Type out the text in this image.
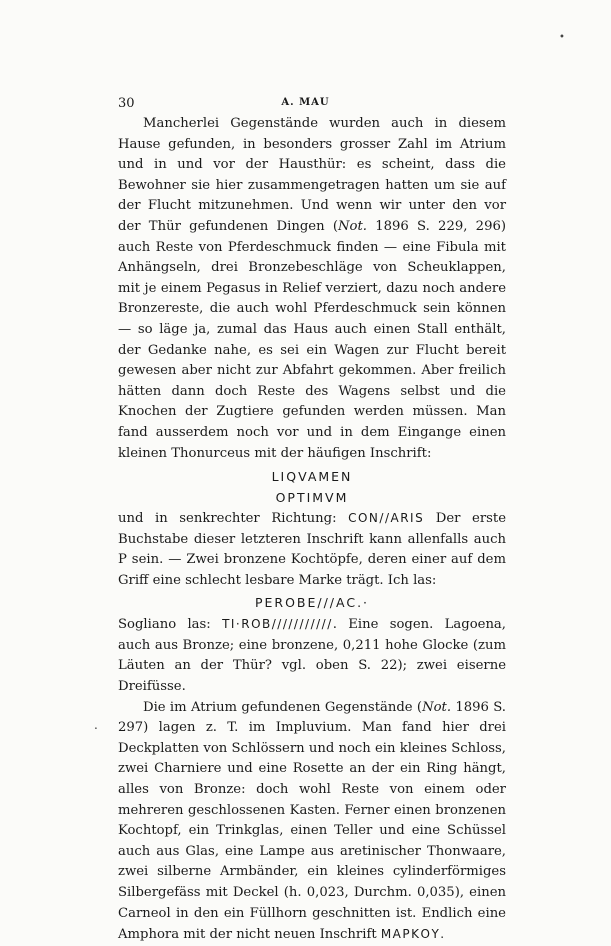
30	A. MAU
•
.

Mancherlei Gegenstände wurden auch in diesem Hause gefunden, in besonders grosser Zahl im Atrium und in und vor der Hausthür: es scheint, dass die Bewohner sie hier zusammengetragen hatten um sie auf der Flucht mitzunehmen. Und wenn wir unter den vor der Thür gefundenen Dingen (Not. 1896 S. 229, 296) auch Reste von Pferdeschmuck finden — eine Fibula mit Anhängseln, drei Bronzebeschläge von Scheuklappen, mit je einem Pegasus in Relief verziert, dazu noch andere Bronzereste, die auch wohl Pferdeschmuck sein können — so läge ja, zumal das Haus auch einen Stall enthält, der Gedanke nahe, es sei ein Wagen zur Flucht bereit gewesen aber nicht zur Abfahrt gekommen. Aber freilich hätten dann doch Reste des Wagens selbst und die Knochen der Zugtiere gefunden werden müssen. Man fand ausserdem noch vor und in dem Eingange einen kleinen Thonurceus mit der häufigen Inschrift:

LIQVAMEN

OPTIMVM

und in senkrechter Richtung: CON//ARIS Der erste Buchstabe dieser letzteren Inschrift kann allenfalls auch P sein. — Zwei bronzene Kochtöpfe, deren einer auf dem Griff eine schlecht lesbare Marke trägt. Ich las:

PEROBE///AC.·

Sogliano las: TI·ROB///////////. Eine sogen. Lagoena, auch aus Bronze; eine bronzene, 0,211 hohe Glocke (zum Läuten an der Thür? vgl. oben S. 22); zwei eiserne Dreifüsse.

Die im Atrium gefundenen Gegenstände (Not. 1896 S. 297) lagen z. T. im Impluvium. Man fand hier drei Deckplatten von Schlössern und noch ein kleines Schloss, zwei Charniere und eine Rosette an der ein Ring hängt, alles von Bronze: doch wohl Reste von einem oder mehreren geschlossenen Kasten. Ferner einen bronzenen Kochtopf, ein Trinkglas, einen Teller und eine Schüssel auch aus Glas, eine Lampe aus aretinischer Thonwaare, zwei silberne Armbänder, ein kleines cylinderförmiges Silbergefäss mit Deckel (h. 0,023, Durchm. 0,035), einen Carneol in den ein Füllhorn geschnitten ist. Endlich eine Amphora mit der nicht neuen Inschrift ΜΑΡΚΟΥ.
